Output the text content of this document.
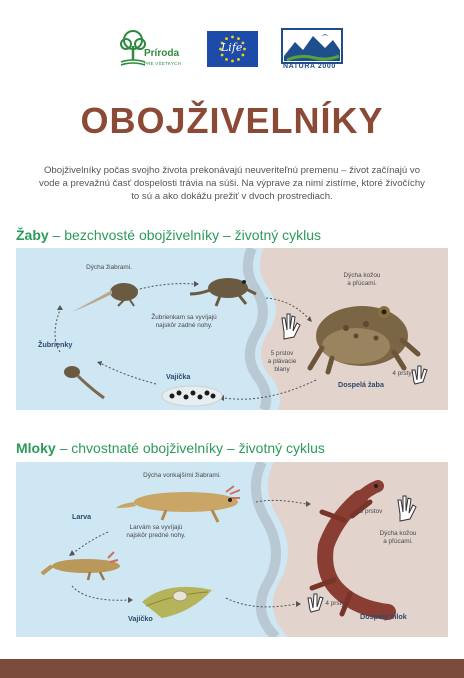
Príroda
PRE VŠETKÝCH
Life
NATURA 2000
OBOJŽIVELNÍKY
Obojživelníky počas svojho života prekonávajú neuveriteľnú premenu – život začínajú vo vode a prevažnú časť dospelosti trávia na súši. Na výprave za nimi zistíme, ktoré živočíchy to sú a ako dokážu prežiť v dvoch prostrediach.
Žaby – bezchvosté obojživelníky – životný cyklus
Dýcha žiabrami.
Žubrienkam sa vyvíjajú
najskôr zadné nohy.
Dýcha kožou
a pľúcami.
5 prstov
a plávacie
blany
4 prsty
Žubrienky
Vajíčka
Dospelá žaba
Mloky – chvostnaté obojživelníky – životný cyklus
Dýcha vonkajšími žiabrami.
Larvám sa vyvíjajú
najskôr predné nohy.
5 prstov
Dýcha kožou
a pľúcami.
4 prsty
Larva
Vajíčko	Dospelý mlok
